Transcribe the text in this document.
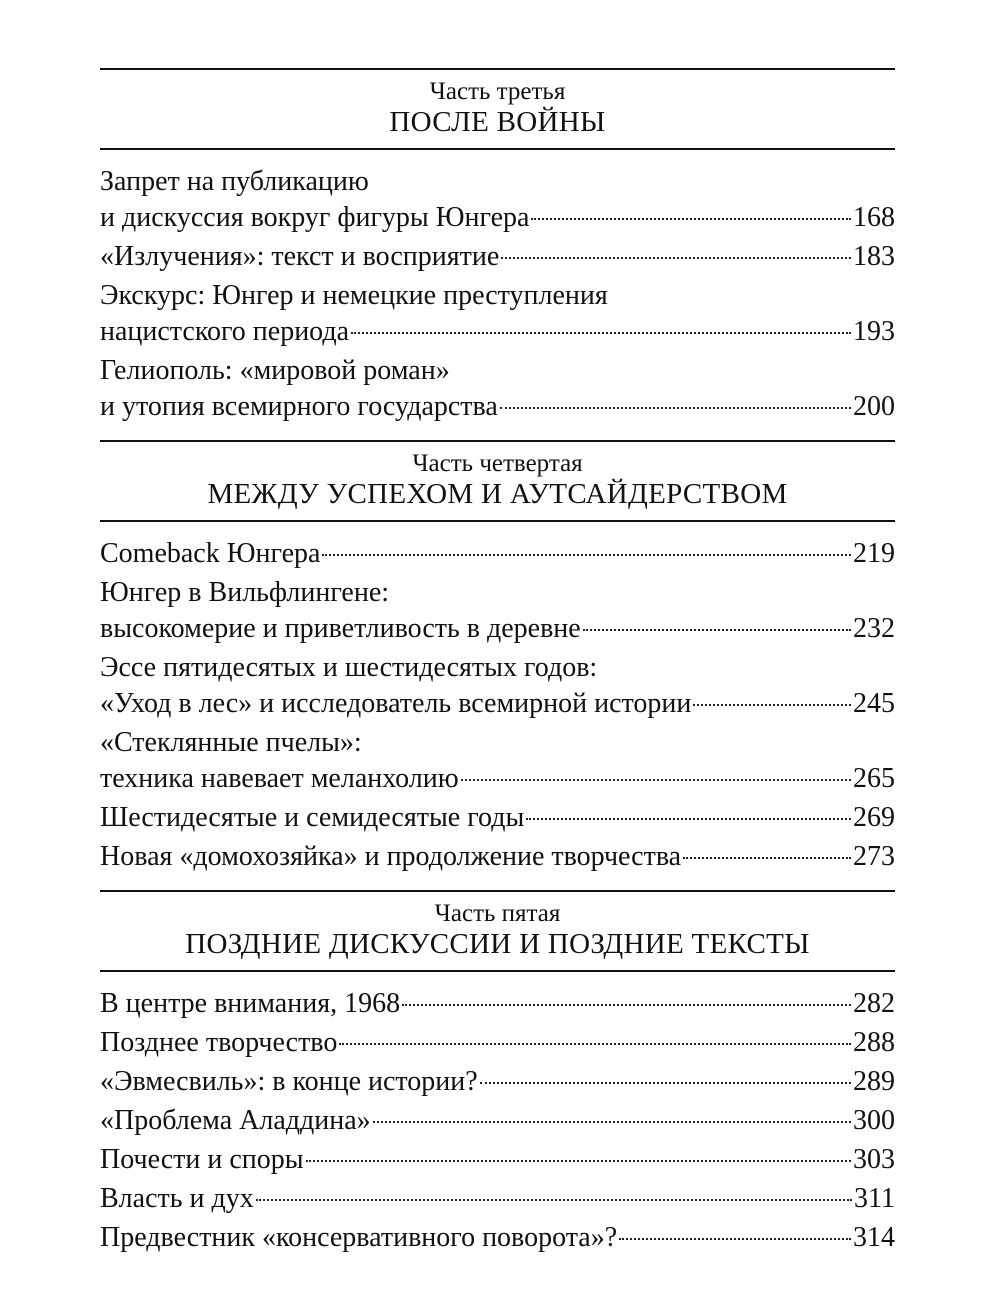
Часть третья
ПОСЛЕ ВОЙНЫ
Запрет на публикацию
и дискуссия вокруг фигуры Юнгера	168
«Излучения»: текст и восприятие	183
Экскурс: Юнгер и немецкие преступления
нацистского периода	193
Гелиополь: «мировой роман»
и утопия всемирного государства	200
Часть четвертая
МЕЖДУ УСПЕХОМ И АУТСАЙДЕРСТВОМ
Comeback Юнгера	219
Юнгер в Вильфлингене:
высокомерие и приветливость в деревне	232
Эссе пятидесятых и шестидесятых годов:
«Уход в лес» и исследователь всемирной истории	245
«Стеклянные пчелы»:
техника навевает меланхолию	265
Шестидесятые и семидесятые годы	269
Новая «домохозяйка» и продолжение творчества	273
Часть пятая
ПОЗДНИЕ ДИСКУССИИ И ПОЗДНИЕ ТЕКСТЫ
В центре внимания, 1968	282
Позднее творчество	288
«Эвмесвиль»: в конце истории?	289
«Проблема Аладдина»	300
Почести и споры	303
Власть и дух	311
Предвестник «консервативного поворота»?	314
